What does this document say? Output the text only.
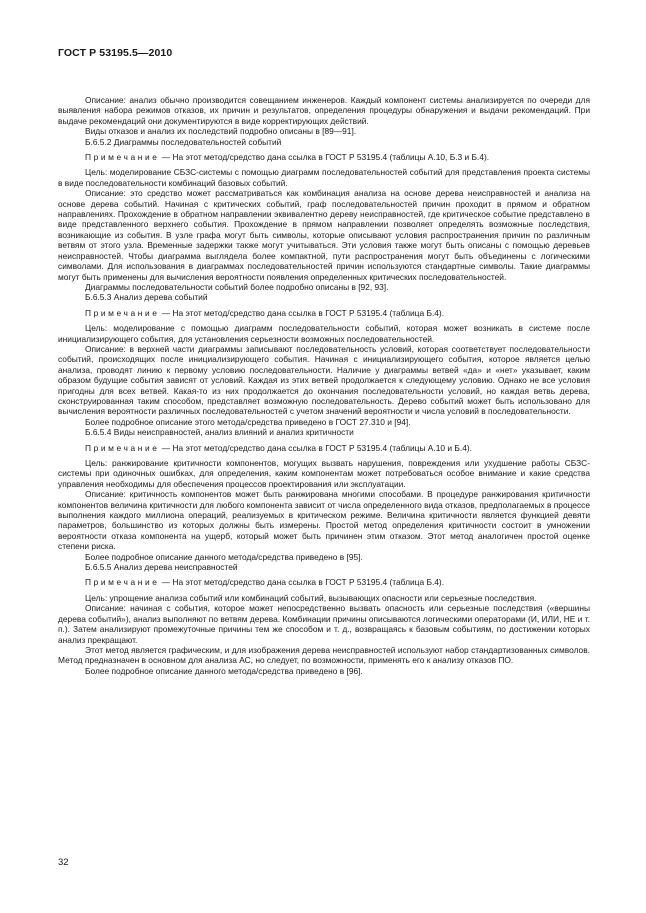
ГОСТ Р 53195.5—2010
Описание: анализ обычно производится совещанием инженеров. Каждый компонент системы анализируется по очереди для выявления набора режимов отказов, их причин и результатов, определения процедуры обнаружения и выдачи рекомендаций. При выдаче рекомендаций они документируются в виде корректирующих действий.
Виды отказов и анализ их последствий подробно описаны в [89—91].
Б.6.5.2 Диаграммы последовательностей событий
Примечание — На этот метод/средство дана ссылка в ГОСТ Р 53195.4 (таблицы А.10, Б.3 и Б.4).
Цель: моделирование СБЗС-системы с помощью диаграмм последовательностей событий для представления проекта системы в виде последовательности комбинаций базовых событий.
Описание: это средство может рассматриваться как комбинация анализа на основе дерева неисправностей и анализа на основе дерева событий. Начиная с критических событий, граф последовательностей причин проходит в прямом и обратном направлениях. Прохождение в обратном направлении эквивалентно дереву неисправностей, где критическое событие представлено в виде представленного верхнего события. Прохождение в прямом направлении позволяет определять возможные последствия, возникающие из события. В узле графа могут быть символы, которые описывают условия распространения причин по различным ветвям от этого узла. Временные задержки также могут учитываться. Эти условия также могут быть описаны с помощью деревьев неисправностей. Чтобы диаграмма выглядела более компактной, пути распространения могут быть объединены с логическими символами. Для использования в диаграммах последовательностей причин используются стандартные символы. Такие диаграммы могут быть применены для вычисления вероятности появления определенных критических последовательностей.
Диаграммы последовательности событий более подробно описаны в [92, 93].
Б.6.5.3 Анализ дерева событий
Примечание — На этот метод/средство дана ссылка в ГОСТ Р 53195.4 (таблица Б.4).
Цель: моделирование с помощью диаграмм последовательности событий, которая может возникать в системе после инициализирующего события, для установления серьезности возможных последовательностей.
Описание: в верхней части диаграммы записывают последовательность условий, которая соответствует последовательности событий, происходящих после инициализирующего события. Начиная с инициализирующего события, которое является целью анализа, проводят линию к первому условию последовательности. Наличие у диаграммы ветвей «да» и «нет» указывает, каким образом будущие события зависят от условий. Каждая из этих ветвей продолжается к следующему условию. Однако не все условия пригодны для всех ветвей. Какая-то из них продолжается до окончания последовательности условий, но каждая ветвь дерева, сконструированная таким способом, представляет возможную последовательность. Дерево событий может быть использовано для вычисления вероятности различных последовательностей с учетом значений вероятности и числа условий в последовательности.
Более подробное описание этого метода/средства приведено в ГОСТ 27.310 и [94].
Б.6.5.4 Виды неисправностей, анализ влияний и анализ критичности
Примечание — На этот метод/средство дана ссылка в ГОСТ Р 53195.4 (таблицы А.10 и Б.4).
Цель: ранжирование критичности компонентов, могущих вызвать нарушения, повреждения или ухудшение работы СБЗС-системы при одиночных ошибках, для определения, каким компонентам может потребоваться особое внимание и какие средства управления необходимы для обеспечения процессов проектирования или эксплуатации.
Описание: критичность компонентов может быть ранжирована многими способами. В процедуре ранжирования критичности компонентов величина критичности для любого компонента зависит от числа определенного вида отказов, предполагаемых в процессе выполнения каждого миллиона операций, реализуемых в критическом режиме. Величина критичности является функцией девяти параметров, большинство из которых должны быть измерены. Простой метод определения критичности состоит в умножении вероятности отказа компонента на ущерб, который может быть причинен этим отказом. Этот метод аналогичен простой оценке степени риска.
Более подробное описание данного метода/средства приведено в [95].
Б.6.5.5 Анализ дерева неисправностей
Примечание — На этот метод/средство дана ссылка в ГОСТ Р 53195.4 (таблица Б.4).
Цель: упрощение анализа событий или комбинаций событий, вызывающих опасности или серьезные последствия.
Описание: начиная с события, которое может непосредственно вызвать опасность или серьезные последствия («вершины дерева событий»), анализ выполняют по ветвям дерева. Комбинации причины описываются логическими операторами (И, ИЛИ, НЕ и т. п.). Затем анализируют промежуточные причины тем же способом и т. д., возвращаясь к базовым событиям, по достижении которых анализ прекращают.
Этот метод является графическим, и для изображения дерева неисправностей используют набор стандартизованных символов. Метод предназначен в основном для анализа АС, но следует, по возможности, применять его к анализу отказов ПО.
Более подробное описание данного метода/средства приведено в [96].
32
